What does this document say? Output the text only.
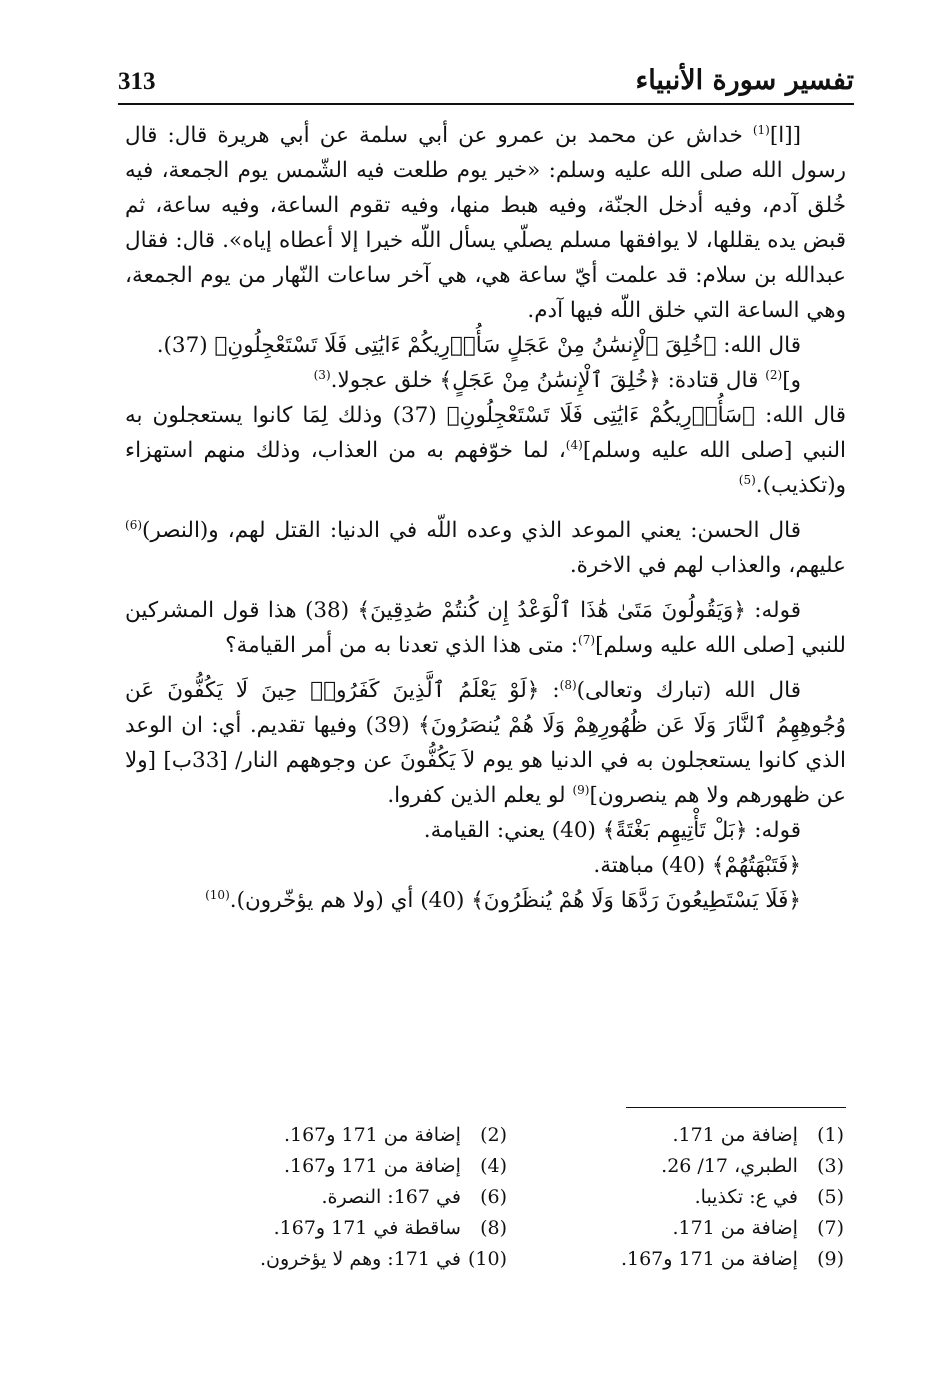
تفسير سورة الأنبياء
313

[[ا]$^{(1)}$ خداش عن محمد بن عمرو عن أبي سلمة عن أبي هريرة قال: قال رسول الله صلى الله عليه وسلم: «خير يوم طلعت فيه الشّمس يوم الجمعة، فيه خُلق آدم، وفيه أدخل الجنّة، وفيه هبط منها، وفيه تقوم الساعة، وفيه ساعة، ثم قبض يده يقللها، لا يوافقها مسلم يصلّي يسأل اللّه خيرا إلا أعطاه إياه». قال: فقال عبدالله بن سلام: قد علمت أيّ ساعة هي، هي آخر ساعات النّهار من يوم الجمعة، وهي الساعة التي خلق اللّه فيها آدم.

قال الله: ﴿خُلِقَ ٱلْإِنسَٰنُ مِنْ عَجَلٍ سَأُو۟رِيكُمْ ءَايَٰتِى فَلَا تَسْتَعْجِلُونِ﴾ (37).

و]$^{(2)}$ قال قتادة: ﴿خُلِقَ ٱلْإِنسَٰنُ مِنْ عَجَلٍ﴾ خلق عجولا.$^{(3)}$

قال الله: ﴿سَأُو۟رِيكُمْ ءَايَٰتِى فَلَا تَسْتَعْجِلُونِ﴾ (37) وذلك لِمَا كانوا يستعجلون به النبي [صلى الله عليه وسلم]$^{(4)}$، لما خوّفهم به من العذاب، وذلك منهم استهزاء و(تكذيب).$^{(5)}$

قال الحسن: يعني الموعد الذي وعده اللّه في الدنيا: القتل لهم، و(النصر)$^{(6)}$ عليهم، والعذاب لهم في الاخرة.

قوله: ﴿وَيَقُولُونَ مَتَىٰ هَٰذَا ٱلْوَعْدُ إِن كُنتُمْ صَٰدِقِينَ﴾ (38) هذا قول المشركين للنبي [صلى الله عليه وسلم]$^{(7)}$: متى هذا الذي تعدنا به من أمر القيامة؟

قال الله (تبارك وتعالى)$^{(8)}$: ﴿لَوْ يَعْلَمُ ٱلَّذِينَ كَفَرُوا۟ حِينَ لَا يَكُفُّونَ عَن وُجُوهِهِمُ ٱلنَّارَ وَلَا عَن ظُهُورِهِمْ وَلَا هُمْ يُنصَرُونَ﴾ (39) وفيها تقديم. أي: ان الوعد الذي كانوا يستعجلون به في الدنيا هو يوم لاَ يَكُفُّونَ عن وجوههم النار/ [33ب] [ولا عن ظهورهم ولا هم ينصرون]$^{(9)}$ لو يعلم الذين كفروا.

قوله: ﴿بَلْ تَأْتِيهِم بَغْتَةً﴾ (40) يعني: القيامة.

﴿فَتَبْهَتُهُمْ﴾ (40) مباهتة.

﴿فَلَا يَسْتَطِيعُونَ رَدَّهَا وَلَا هُمْ يُنظَرُونَ﴾ (40) أي (ولا هم يؤخّرون).$^{(10)}$

(1) إضافة من 171.
(2) إضافة من 171 و167.
(3) الطبري، 17/ 26.
(4) إضافة من 171 و167.
(5) في ع: تكذيبا.
(6) في 167: النصرة.
(7) إضافة من 171.
(8) ساقطة في 171 و167.
(9) إضافة من 171 و167.
(10) في 171: وهم لا يؤخرون.
